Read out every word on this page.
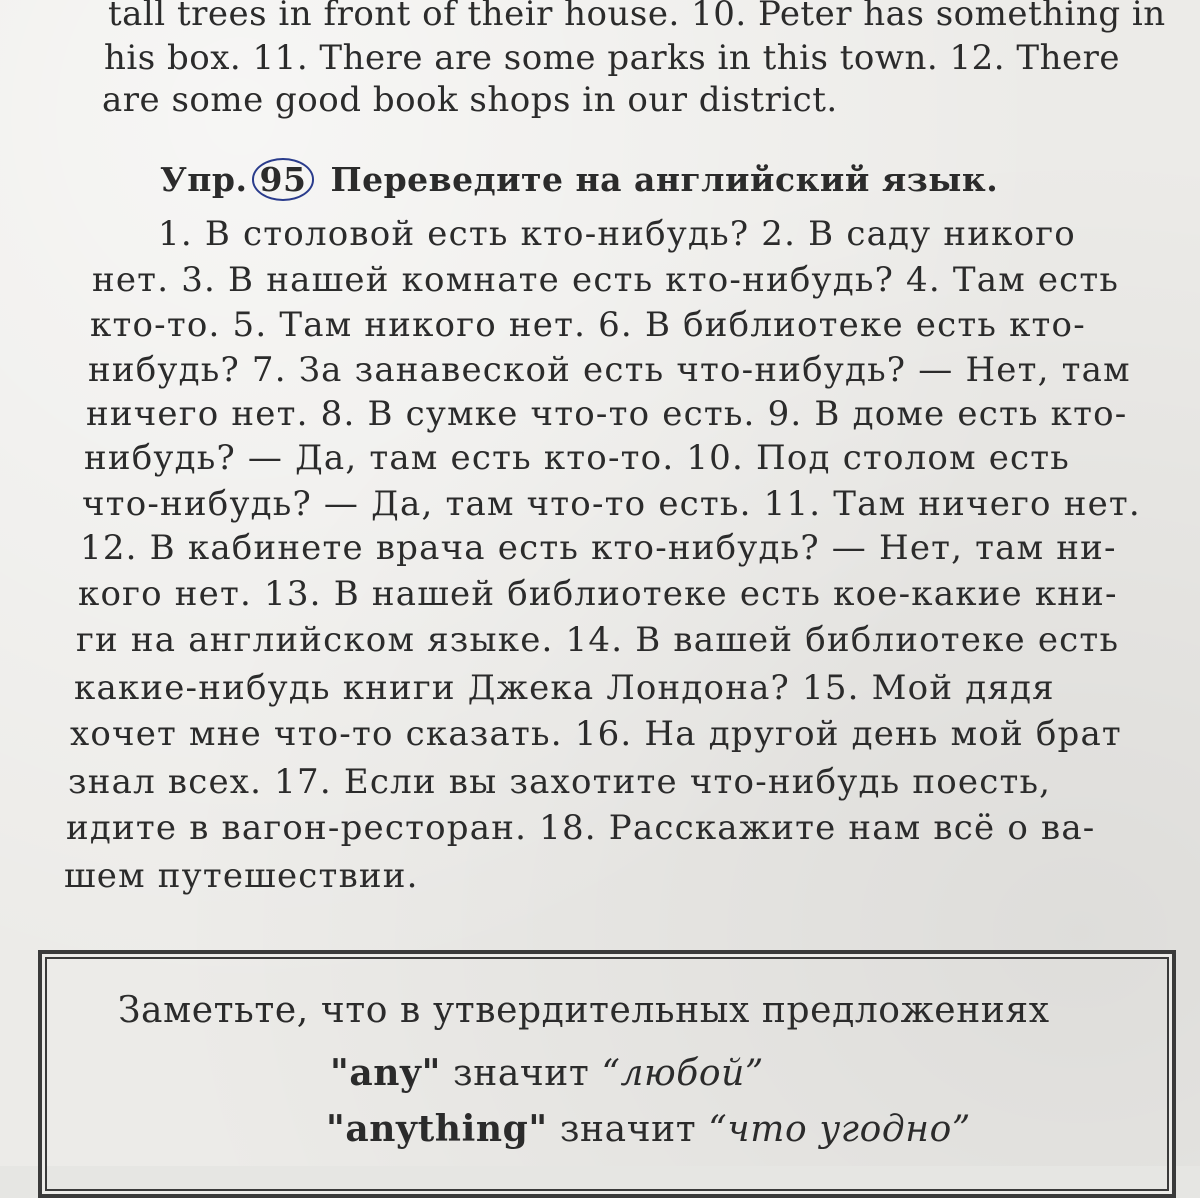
tall trees in front of their house. 10. Peter has something in
his box. 11. There are some parks in this town. 12. There
are some good book shops in our district.
Упр. 95 Переведите на английский язык.
1. В столовой есть кто-нибудь? 2. В саду никого
нет. 3. В нашей комнате есть кто-нибудь? 4. Там есть
кто-то. 5. Там никого нет. 6. В библиотеке есть кто-
нибудь? 7. За занавеской есть что-нибудь? — Нет, там
ничего нет. 8. В сумке что-то есть. 9. В доме есть кто-
нибудь? — Да, там есть кто-то. 10. Под столом есть
что-нибудь? — Да, там что-то есть. 11. Там ничего нет.
12. В кабинете врача есть кто-нибудь? — Нет, там ни-
кого нет. 13. В нашей библиотеке есть кое-какие кни-
ги на английском языке. 14. В вашей библиотеке есть
какие-нибудь книги Джека Лондона? 15. Мой дядя
хочет мне что-то сказать. 16. На другой день мой брат
знал всех. 17. Если вы захотите что-нибудь поесть,
идите в вагон-ресторан. 18. Расскажите нам всё о ва-
шем путешествии.
Заметьте, что в утвердительных предложениях
"any" значит “любой”
"anything" значит “что угодно”
